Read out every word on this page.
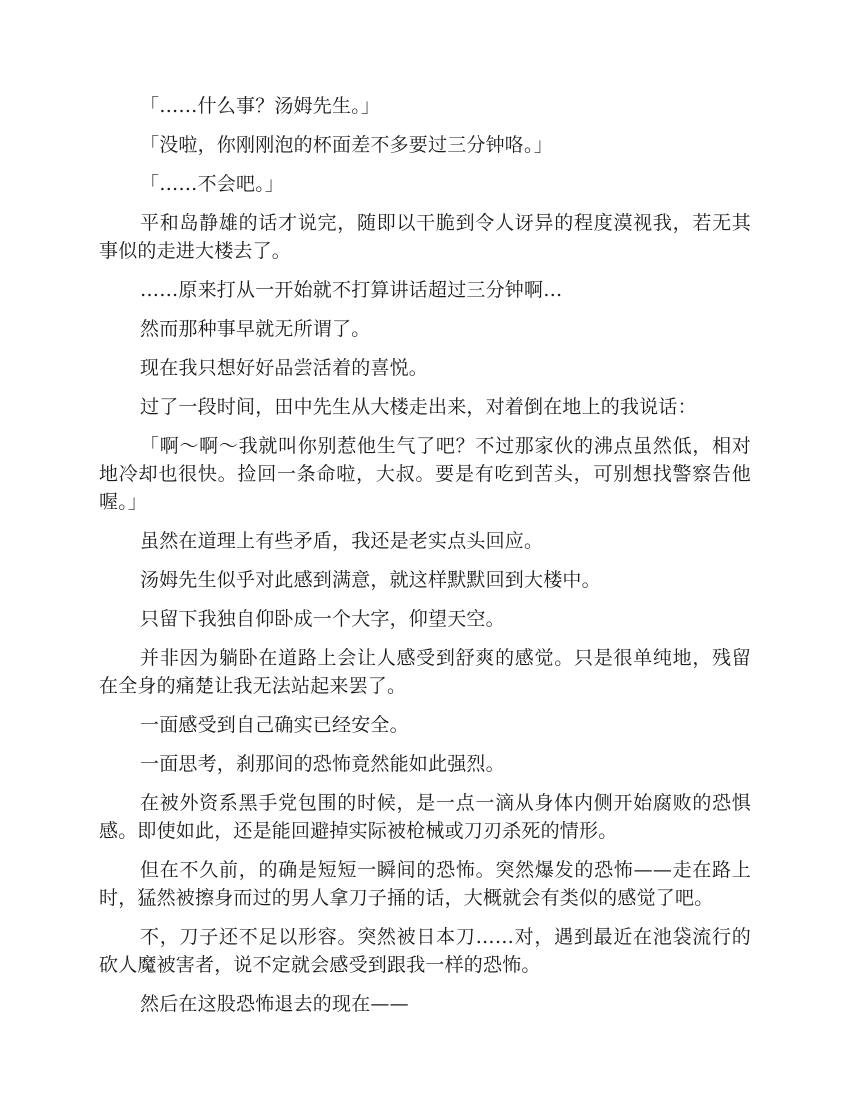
「……什么事？汤姆先生。」

「没啦，你刚刚泡的杯面差不多要过三分钟咯。」

「……不会吧。」

平和岛静雄的话才说完，随即以干脆到令人讶异的程度漠视我，若无其事似的走进大楼去了。

……原来打从一开始就不打算讲话超过三分钟啊…

然而那种事早就无所谓了。

现在我只想好好品尝活着的喜悦。

过了一段时间，田中先生从大楼走出来，对着倒在地上的我说话：

「啊～啊～我就叫你别惹他生气了吧？不过那家伙的沸点虽然低，相对地冷却也很快。捡回一条命啦，大叔。要是有吃到苦头，可别想找警察告他喔。」

虽然在道理上有些矛盾，我还是老实点头回应。

汤姆先生似乎对此感到满意，就这样默默回到大楼中。

只留下我独自仰卧成一个大字，仰望天空。

并非因为躺卧在道路上会让人感受到舒爽的感觉。只是很单纯地，残留在全身的痛楚让我无法站起来罢了。

一面感受到自己确实已经安全。

一面思考，刹那间的恐怖竟然能如此强烈。

在被外资系黑手党包围的时候，是一点一滴从身体内侧开始腐败的恐惧感。即使如此，还是能回避掉实际被枪械或刀刃杀死的情形。

但在不久前，的确是短短一瞬间的恐怖。突然爆发的恐怖——走在路上时，猛然被擦身而过的男人拿刀子捅的话，大概就会有类似的感觉了吧。

不，刀子还不足以形容。突然被日本刀……对，遇到最近在池袋流行的砍人魔被害者，说不定就会感受到跟我一样的恐怖。

然后在这股恐怖退去的现在——
